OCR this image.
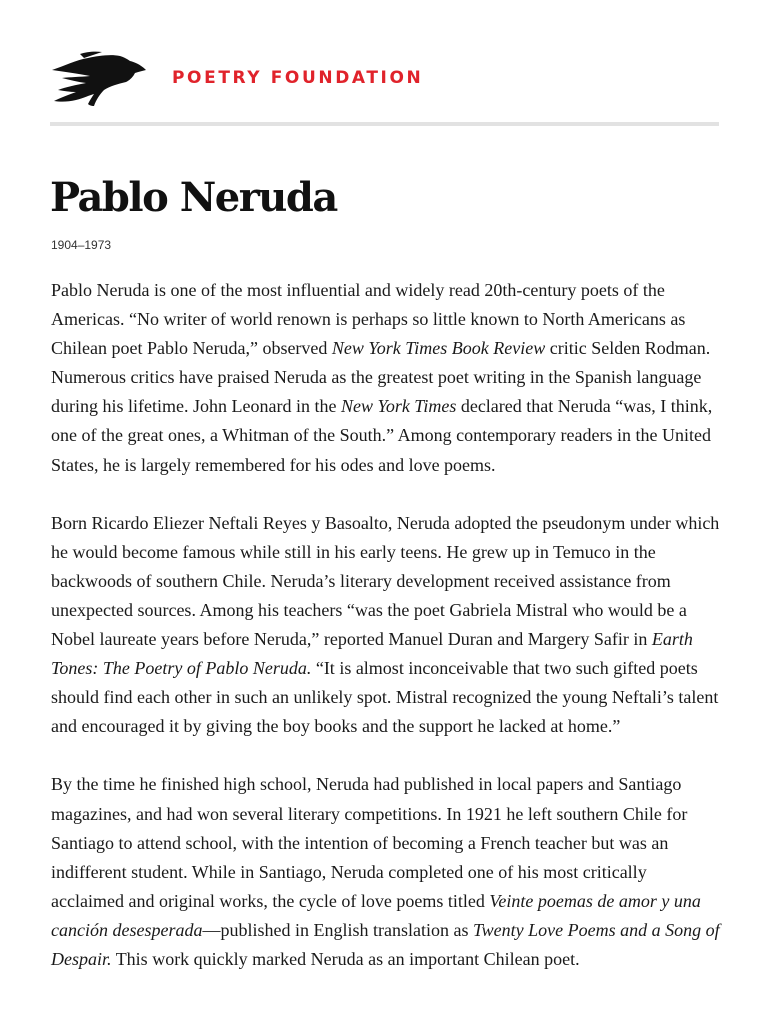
POETRY FOUNDATION
Pablo Neruda
1904–1973

Pablo Neruda is one of the most influential and widely read 20th-century poets of the Americas. “No writer of world renown is perhaps so little known to North Americans as Chilean poet Pablo Neruda,” observed New York Times Book Review critic Selden Rodman. Numerous critics have praised Neruda as the greatest poet writing in the Spanish language during his lifetime. John Leonard in the New York Times declared that Neruda “was, I think, one of the great ones, a Whitman of the South.” Among contemporary readers in the United States, he is largely remembered for his odes and love poems.

Born Ricardo Eliezer Neftali Reyes y Basoalto, Neruda adopted the pseudonym under which he would become famous while still in his early teens. He grew up in Temuco in the backwoods of southern Chile. Neruda’s literary development received assistance from unexpected sources. Among his teachers “was the poet Gabriela Mistral who would be a Nobel laureate years before Neruda,” reported Manuel Duran and Margery Safir in Earth Tones: The Poetry of Pablo Neruda. “It is almost inconceivable that two such gifted poets should find each other in such an unlikely spot. Mistral recognized the young Neftali’s talent and encouraged it by giving the boy books and the support he lacked at home.”

By the time he finished high school, Neruda had published in local papers and Santiago magazines, and had won several literary competitions. In 1921 he left southern Chile for Santiago to attend school, with the intention of becoming a French teacher but was an indifferent student. While in Santiago, Neruda completed one of his most critically acclaimed and original works, the cycle of love poems titled Veinte poemas de amor y una canción desesperada—published in English translation as Twenty Love Poems and a Song of Despair. This work quickly marked Neruda as an important Chilean poet.
